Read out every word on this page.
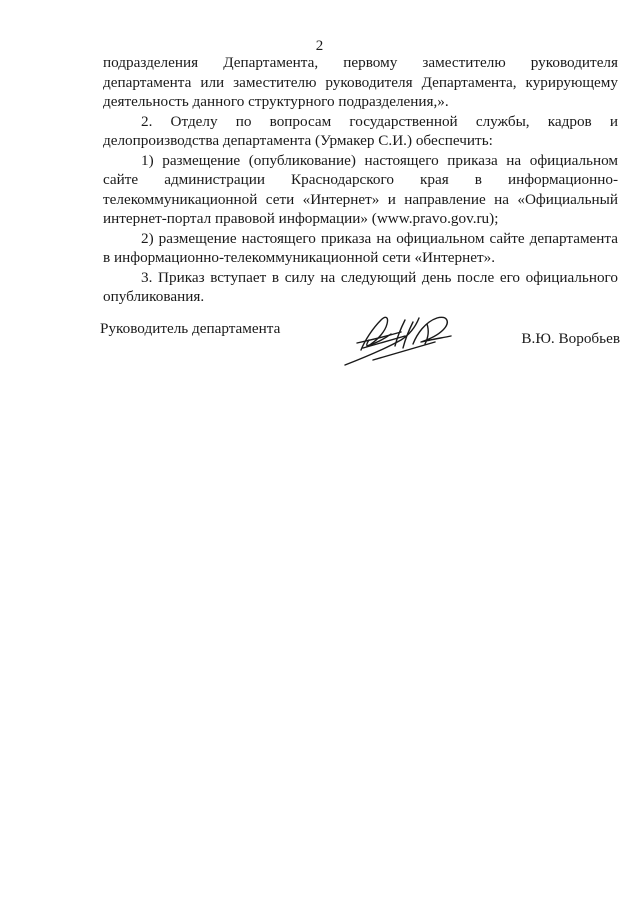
2

подразделения Департамента, первому заместителю руководителя департамента или заместителю руководителя Департамента, курирующему деятельность данного структурного подразделения,».

2. Отделу по вопросам государственной службы, кадров и делопроизводства департамента (Урмакер С.И.) обеспечить:

1) размещение (опубликование) настоящего приказа на официальном сайте администрации Краснодарского края в информационно-телекоммуникационной сети «Интернет» и направление на «Официальный интернет-портал правовой информации» (www.pravo.gov.ru);

2) размещение настоящего приказа на официальном сайте департамента в информационно-телекоммуникационной сети «Интернет».

3. Приказ вступает в силу на следующий день после его официального опубликования.

Руководитель департамента
В.Ю. Воробьев
